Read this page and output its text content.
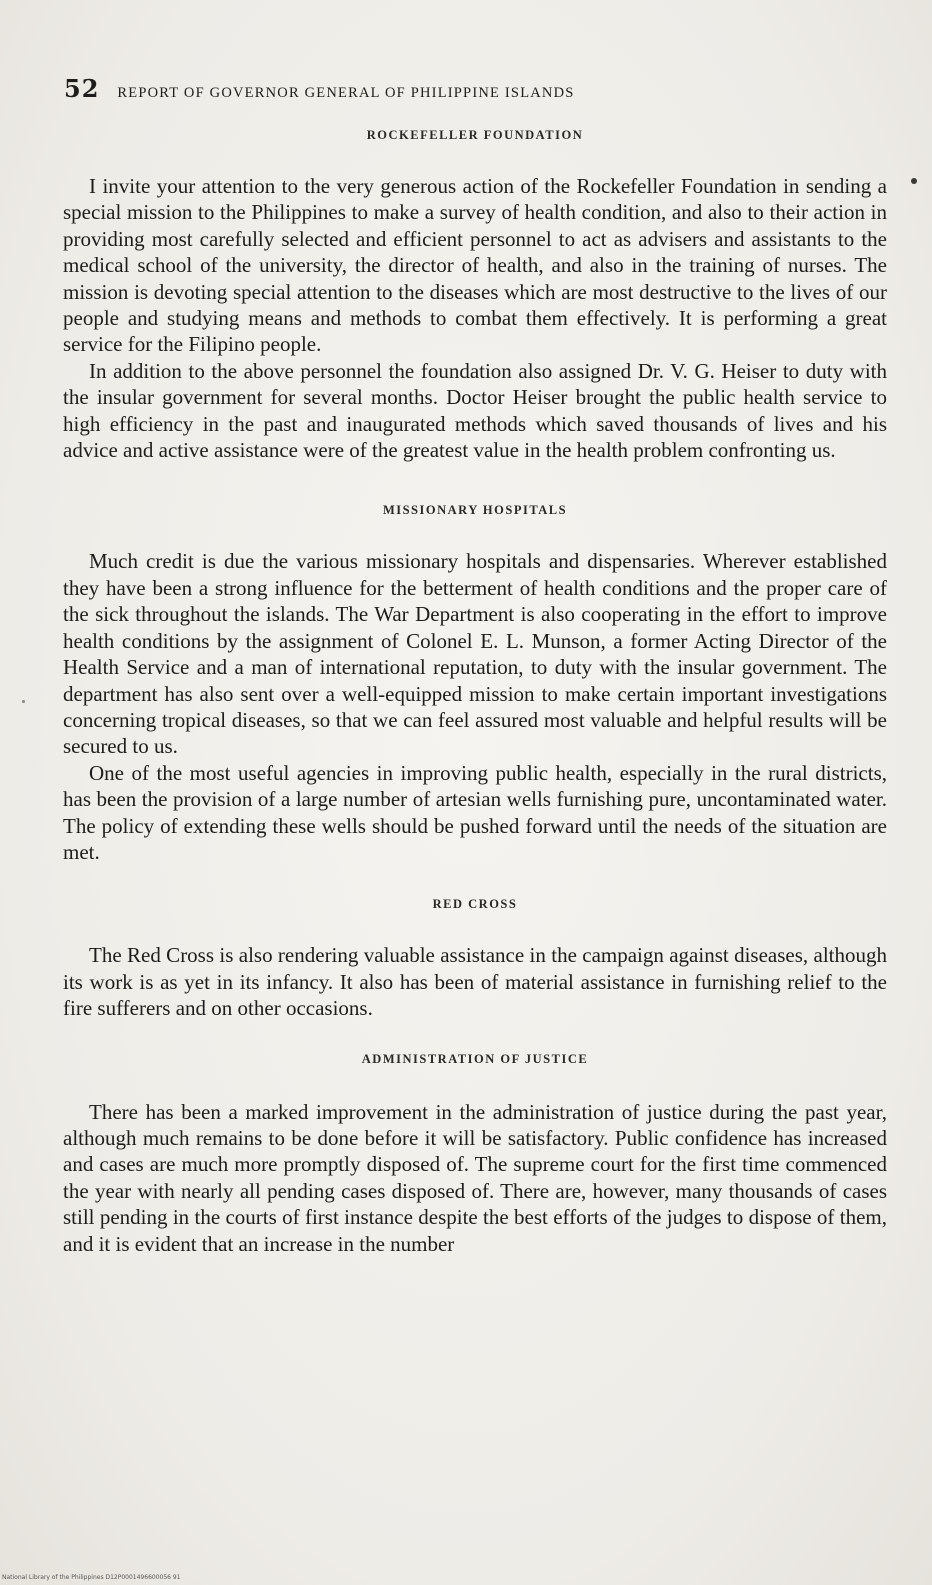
52 REPORT OF GOVERNOR GENERAL OF PHILIPPINE ISLANDS
ROCKEFELLER FOUNDATION

I invite your attention to the very generous action of the Rockefeller Foundation in sending a special mission to the Philippines to make a survey of health condition, and also to their action in providing most carefully selected and efficient personnel to act as advisers and assistants to the medical school of the university, the director of health, and also in the training of nurses. The mission is devoting special attention to the diseases which are most destructive to the lives of our people and studying means and methods to combat them effectively. It is performing a great service for the Filipino people.

In addition to the above personnel the foundation also assigned Dr. V. G. Heiser to duty with the insular government for several months. Doctor Heiser brought the public health service to high efficiency in the past and inaugurated methods which saved thousands of lives and his advice and active assistance were of the greatest value in the health problem confronting us.

MISSIONARY HOSPITALS

Much credit is due the various missionary hospitals and dispensaries. Wherever established they have been a strong influence for the betterment of health conditions and the proper care of the sick throughout the islands. The War Department is also cooperating in the effort to improve health conditions by the assignment of Colonel E. L. Munson, a former Acting Director of the Health Service and a man of international reputation, to duty with the insular government. The department has also sent over a well-equipped mission to make certain important investigations concerning tropical diseases, so that we can feel assured most valuable and helpful results will be secured to us.

One of the most useful agencies in improving public health, especially in the rural districts, has been the provision of a large number of artesian wells furnishing pure, uncontaminated water. The policy of extending these wells should be pushed forward until the needs of the situation are met.

RED CROSS

The Red Cross is also rendering valuable assistance in the campaign against diseases, although its work is as yet in its infancy. It also has been of material assistance in furnishing relief to the fire sufferers and on other occasions.

ADMINISTRATION OF JUSTICE

There has been a marked improvement in the administration of justice during the past year, although much remains to be done before it will be satisfactory. Public confidence has increased and cases are much more promptly disposed of. The supreme court for the first time commenced the year with nearly all pending cases disposed of. There are, however, many thousands of cases still pending in the courts of first instance despite the best efforts of the judges to dispose of them, and it is evident that an increase in the number

National Library of the Philippines D12P0001496600056 91
